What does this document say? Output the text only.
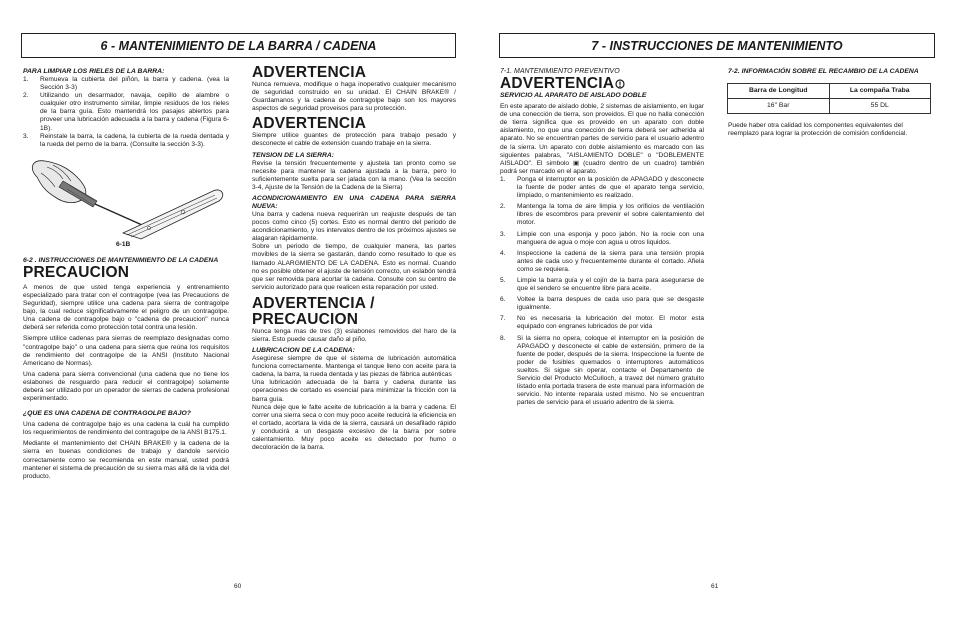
6 - MANTENIMIENTO DE LA BARRA / CADENA

PARA LIMPIAR LOS RIELES DE LA BARRA:

1. Remueva la cubierta del piñón, la barra y cadena. (vea la Sección 3-3)
2. Utilizando un desarmador, navaja, cepillo de alambre o cualquier otro instrumento similar, limpie residuos de los rieles de la barra guía. Esto mantendrá los pasajes abiertos para proveer una lubricación adecuada a la barra y cadena (Figura 6-1B).
3. Reinstale la barra, la cadena, la cubierta de la rueda dentada y la rueda del perno de la barra. (Consulte la sección 3-3).
6-1B

6-2 . INSTRUCCIONES DE MANTENIMIENTO DE LA CADENA

PRECAUCION

A menos de que usted tenga experiencia y entrenamiento especializado para tratar con el contragolpe (vea las Precaucions de Seguridad), siempre utilice una cadena para sierra de contragolpe bajo, la cual reduce significativamente el peligro de un contragolpe. Una cadena de contragolpe bajo o "cadena de precaucion" nunca deberá ser referida como protección total contra una lesión.

Siempre utilice cadenas para sierras de reemplazo designadas como "contragolpe bajo" o una cadena para sierra que reúna los requisitos de rendimiento del contragolpe de la ANSI (Instituto Nacional Americano de Normas).

Una cadena para sierra convencional (una cadena que no tiene los eslabones de resguardo para reducir el contragolpe) solamente deberá ser utilizado por un operador de sierras de cadena profesional experimentado.

¿QUE ES UNA CADENA DE CONTRAGOLPE BAJO?

Una cadena de contragolpe bajo es una cadena la cuál ha cumplido los requerimientos de rendimiento del contragolpe de la ANSI B175.1.

Mediante el mantenimiento del CHAIN BRAKE® y la cadena de la sierra en buenas condiciones de trabajo y dandole servicio correctamente como se recomienda en este manual, usted podrá mantener el sistema de precaución de su sierra mas allá de la vida del producto.

ADVERTENCIA

Nunca remueva, modifique o haga inoperativo cualquier mecanismo de seguridad construido en su unidad. El CHAIN BRAKE® / Guardamanos y la cadena de contragolpe bajo son los mayores aspectos de seguridad proveisos para su protección.

ADVERTENCIA

Siempre utilice guantes de protección para trabajo pesado y desconecte el cable de extensión cuando trabaje en la sierra.

TENSION DE LA SIERRA:

Revise la tensión frecuentemente y ajustela tan pronto como se necesite para mantener la cadena ajustada a la barra, pero lo suficientemente suelta para ser jalada con la mano. (Vea la sección 3-4, Ajuste de la Tensión de la Cadena de la Sierra)

ACONDICIONAMIENTO EN UNA CADENA PARA SIERRA NUEVA:

Una barra y cadena nueva requerirán un reajuste después de tan pocos como cinco (5) cortes. Esto es normal dentro del periodo de acondicionamiento, y los intervalos dentro de los próximos ajustes se alagaran rápidamente.

Sobre un periodo de tiempo, de cualquier manera, las partes movibles de la sierra se gastarán, dando como resultado lo que es llamado ALARGMIENTO DE LA CADENA. Esto es normal. Cuando no es posible obtener el ajuste de tensión correcto, un eslabón tendrá que ser removida para acortar la cadena. Consulte con su centro de servicio autorizado para que realicen esta reparación por usted.

ADVERTENCIA /

PRECAUCION

Nunca tenga mas de tres (3) eslabones removidos del haro de la sierra. Esto puede causar daño al piño.

LUBRICACION DE LA CADENA:

Asegúrese siempre de que el sistema de lubricación automática funciona correctamente. Mantenga el tanque lleno con aceite para la cadena, la barra, la rueda dentada y las piezas de fábrica auténticas

Una lubricación adecuada de la barra y cadena durante las operaciones de cortado es esencial para minimizar la fricción con la barra guía.

Nunca deje que le falte aceite de lubricación a la barra y cadena. El correr una sierra seca o con muy poco aceite reducirá la eficiencia en el cortado, acortara la vida de la sierra, causará un desafilado rápido y conducirá a un desgaste excesivo de la barra por sobre calentamiento. Muy poco aceite es detectado por humo o decoloración de la barra.

60
7 - INSTRUCCIONES DE MANTENIMIENTO

7-1. MANTENIMIENTO PREVENTIVO

ADVERTENCIA

SERVICIO AL APARATO DE AISLADO DOBLE

En este aparato de aislado doble, 2 sistemas de aislamiento, en lugar de una conección de tierra, son proveidos. El que no halla conección de tierra significa que es proveido en un aparato con doble aislamiento, no que una conección de tierra deberá ser adherida al aparato. No se encuentran partes de servicio para el usuario adentro de la sierra. Un aparato con doble aislamiento es marcado con las siguientes palabras, "AISLAMIENTO DOBLE" o "DOBLEMENTE AISLADO". El simbolo ▣ (cuadro dentro de un cuadro) también podrá ser marcado en el aparato.

1. Ponga el interruptor en la posición de APAGADO y desconecte la fuente de poder antes de que el aparato tenga servicio, limpiado, o mantenimiento es realizado.
2. Mantenga la toma de aire limpia y los orificios de ventilación libres de escombros para prevenir el sobre calentamiento del motor.
3. Limpie con una esponja y poco jabón. No la rocie con una manguera de agua o moje con agua u otros liquidos.
4. Inspeccione la cadena de la sierra para una tensión propia antes de cada uso y frecuentemente durante el cortado. Afiela como se requiera.
5. Limpie la barra guía y el cojín de la barra para asegurarse de que el sendero se encuentre libre para aceite.
6. Voltee la barra despues de cada uso para que se desgaste igualmente.
7. No es necesaria la lubricación del motor. El motor esta equipado con engranes lubricados de por vida
8. Si la sierra no opera, coloque el interruptor en la posición de APAGADO y desconecte el cable de extensión, primero de la fuente de poder, después de la sierra. Inspeccione la fuente de poder de fusibles quemados o interruptores automáticos sueltos. Si sigue sin operar, contacte el Departamento de Servicio del Producto McCulloch, a travez del número gratuito listado enla portada trasera de este manual para información de servicio. No intente reparala usted mismo. No se encuentran partes de servicio para el usuario adentro de la sierra.

7-2. INFORMACIÓN SOBRE EL RECAMBIO DE LA CADENA

Barra de Longitud	La compaña Traba
16" Bar	55 DL

Puede haber otra calidad los componentes equivalentes del reemplazo para lograr la protección de comisión confidencial.

61
